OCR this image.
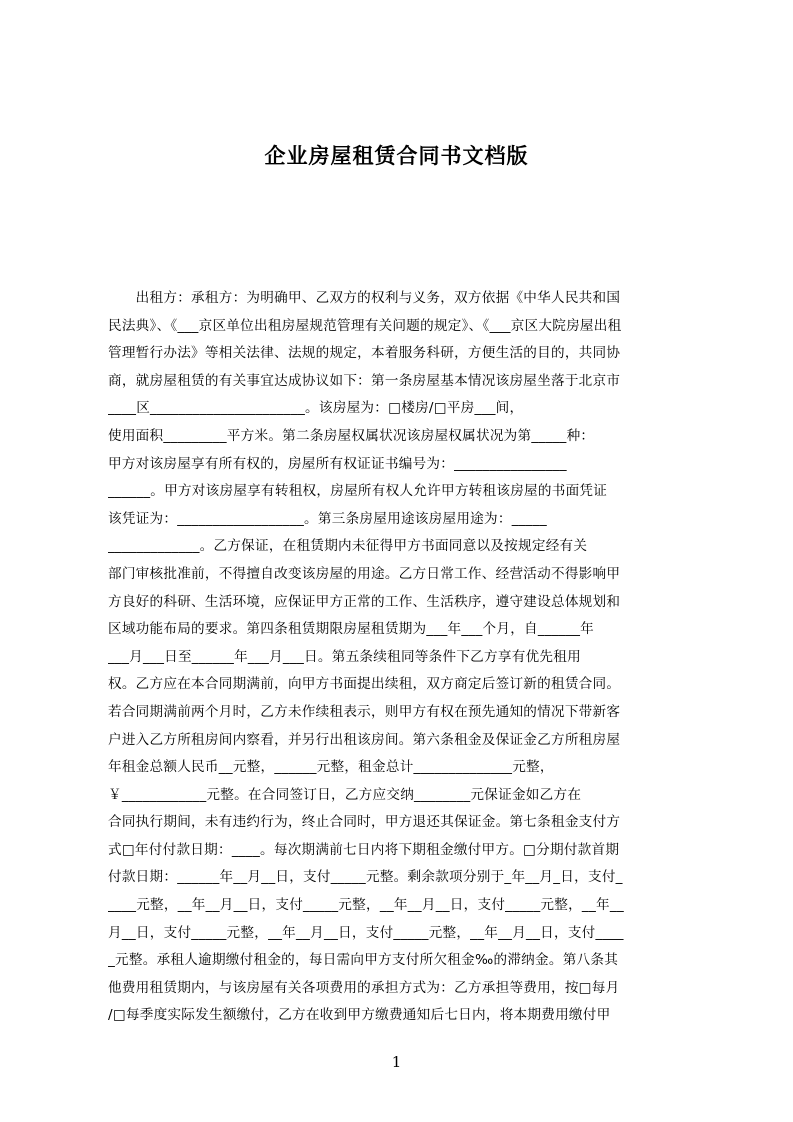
企业房屋租赁合同书文档版
　　出租方：承租方：为明确甲、乙双方的权利与义务，双方依据《中华人民共和国
民法典》、《___京区单位出租房屋规范管理有关问题的规定》、《___京区大院房屋出租
管理暂行办法》等相关法律、法规的规定，本着服务科研，方便生活的目的，共同协
商，就房屋租赁的有关事宜达成协议如下：第一条房屋基本情况该房屋坐落于北京市
____区______________________。该房屋为：□楼房/□平房___间，
使用面积_________平方米。第二条房屋权属状况该房屋权属状况为第_____种：
甲方对该房屋享有所有权的，房屋所有权证证书编号为：________________
______。甲方对该房屋享有转租权，房屋所有权人允许甲方转租该房屋的书面凭证
该凭证为：__________________。第三条房屋用途该房屋用途为：_____
_____________。乙方保证，在租赁期内未征得甲方书面同意以及按规定经有关
部门审核批准前，不得擅自改变该房屋的用途。乙方日常工作、经营活动不得影响甲
方良好的科研、生活环境，应保证甲方正常的工作、生活秩序，遵守建设总体规划和
区域功能布局的要求。第四条租赁期限房屋租赁期为___年___个月，自______年
___月___日至______年___月___日。第五条续租同等条件下乙方享有优先租用
权。乙方应在本合同期满前，向甲方书面提出续租，双方商定后签订新的租赁合同。
若合同期满前两个月时，乙方未作续租表示，则甲方有权在预先通知的情况下带新客
户进入乙方所租房间内察看，并另行出租该房间。第六条租金及保证金乙方所租房屋
年租金总额人民币__元整，______元整，租金总计______________元整，
￥____________元整。在合同签订日，乙方应交纳________元保证金如乙方在
合同执行期间，未有违约行为，终止合同时，甲方退还其保证金。第七条租金支付方
式□年付付款日期：____。每次期满前七日内将下期租金缴付甲方。□分期付款首期
付款日期：______年__月__日，支付_____元整。剩余款项分别于_年__月_日，支付_
____元整，__年__月__日，支付_____元整，__年__月__日，支付_____元整，__年__
月__日，支付_____元整，__年__月__日，支付_____元整，__年__月__日，支付____
_元整。承租人逾期缴付租金的，每日需向甲方支付所欠租金‰的滞纳金。第八条其
他费用租赁期内，与该房屋有关各项费用的承担方式为：乙方承担等费用，按□每月
/□每季度实际发生额缴付，乙方在收到甲方缴费通知后七日内，将本期费用缴付甲
1
